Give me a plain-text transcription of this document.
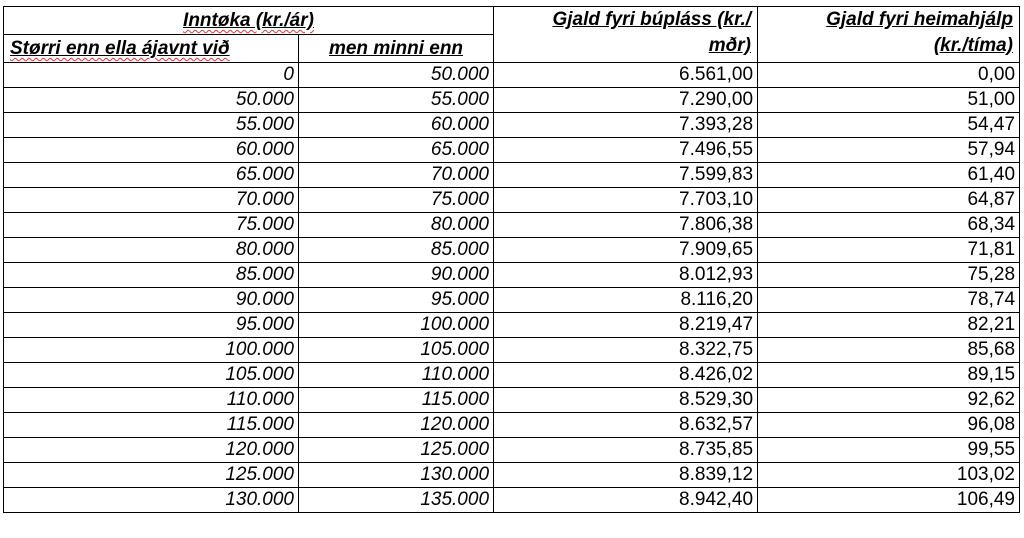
Inntøka (kr./ár)		Gjald fyri búpláss (kr./
mðr)	Gjald fyri heimahjálp
(kr./tíma)

Størri enn ella ájavnt við	men minni enn		
0	50.000	6.561,00	0,00
50.000	55.000	7.290,00	51,00
55.000	60.000	7.393,28	54,47
60.000	65.000	7.496,55	57,94
65.000	70.000	7.599,83	61,40
70.000	75.000	7.703,10	64,87
75.000	80.000	7.806,38	68,34
80.000	85.000	7.909,65	71,81
85.000	90.000	8.012,93	75,28
90.000	95.000	8.116,20	78,74
95.000	100.000	8.219,47	82,21
100.000	105.000	8.322,75	85,68
105.000	110.000	8.426,02	89,15
110.000	115.000	8.529,30	92,62
115.000	120.000	8.632,57	96,08
120.000	125.000	8.735,85	99,55
125.000	130.000	8.839,12	103,02
130.000	135.000	8.942,40	106,49
